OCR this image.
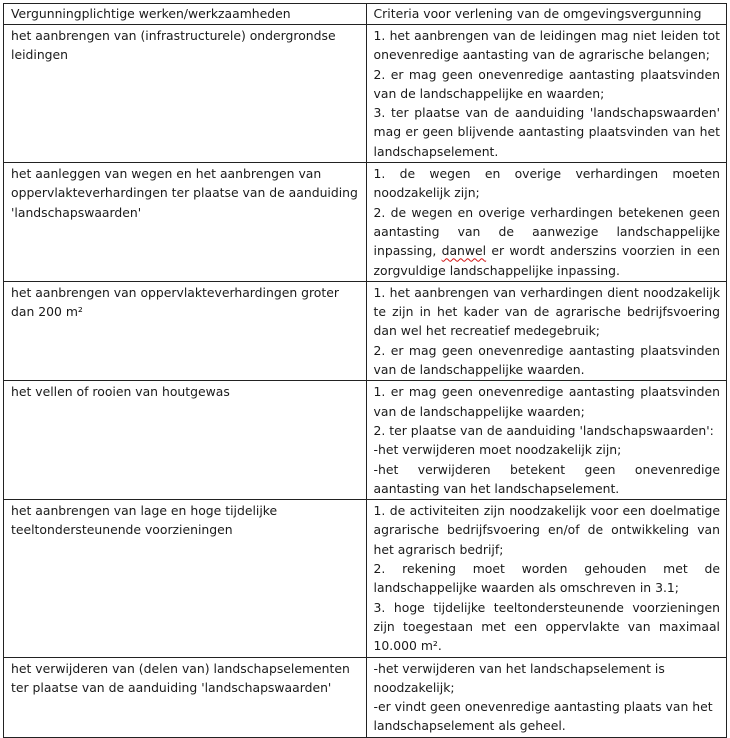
Vergunningplichtige werken/werkzaamheden	Criteria voor verlening van de omgevingsvergunning
het aanbrengen van (infrastructurele) ondergrondse leidingen	1. het aanbrengen van de leidingen mag niet leiden tot onevenredige aantasting van de agrarische belangen;

2. er mag geen onevenredige aantasting plaatsvinden van de landschappelijke en waarden;

3. ter plaatse van de aanduiding 'landschapswaarden' mag er geen blijvende aantasting plaatsvinden van het landschapselement.

het aanleggen van wegen en het aanbrengen van oppervlakteverhardingen ter plaatse van de aanduiding 'landschapswaarden'	1. de wegen en overige verhardingen moeten noodzakelijk zijn;

2. de wegen en overige verhardingen betekenen geen aantasting van de aanwezige landschappelijke inpassing, danwel er wordt anderszins voorzien in een zorgvuldige landschappelijke inpassing.

het aanbrengen van oppervlakteverhardingen groter dan 200 m²	1. het aanbrengen van verhardingen dient noodzakelijk te zijn in het kader van de agrarische bedrijfsvoering dan wel het recreatief medegebruik;

2. er mag geen onevenredige aantasting plaatsvinden van de landschappelijke waarden.

het vellen of rooien van houtgewas	1. er mag geen onevenredige aantasting plaatsvinden van de landschappelijke waarden;

2. ter plaatse van de aanduiding 'landschapswaarden':

-het verwijderen moet noodzakelijk zijn;

-het verwijderen betekent geen onevenredige aantasting van het landschapselement.

het aanbrengen van lage en hoge tijdelijke teeltondersteunende voorzieningen	1. de activiteiten zijn noodzakelijk voor een doelmatige agrarische bedrijfsvoering en/of de ontwikkeling van het agrarisch bedrijf;

2. rekening moet worden gehouden met de landschappelijke waarden als omschreven in 3.1;

3. hoge tijdelijke teeltondersteunende voorzieningen zijn toegestaan met een oppervlakte van maximaal 10.000 m².

het verwijderen van (delen van) landschapselementen ter plaatse van de aanduiding 'landschapswaarden'	-het verwijderen van het landschapselement is noodzakelijk;

-er vindt geen onevenredige aantasting plaats van het landschapselement als geheel.
